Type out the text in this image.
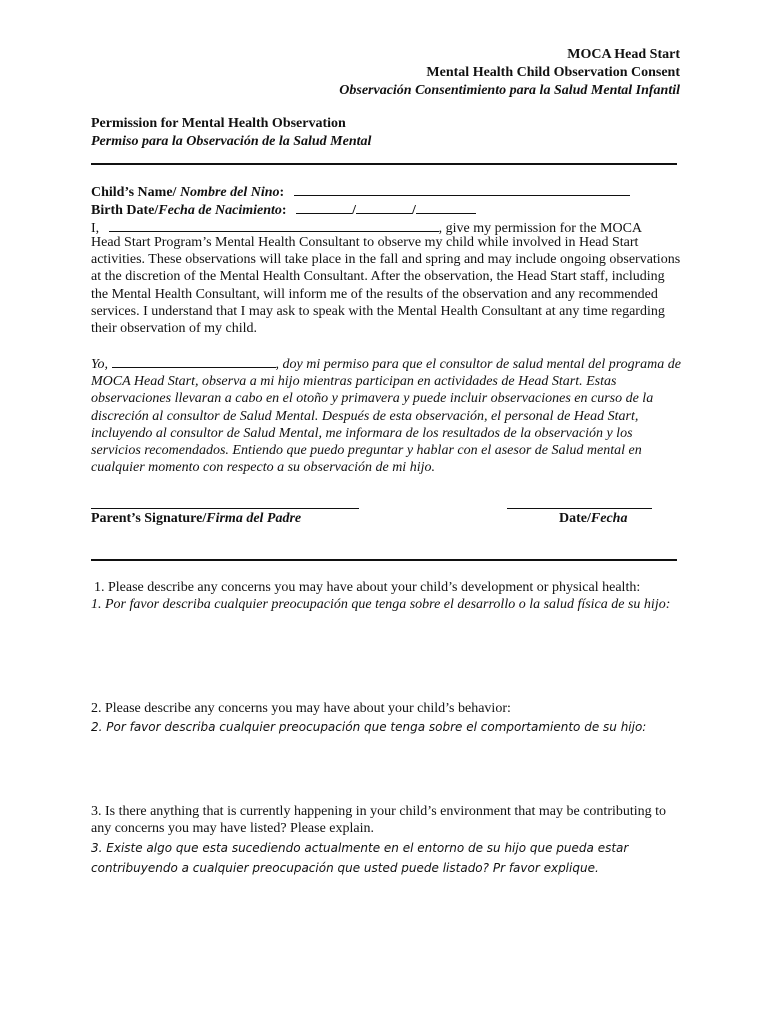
MOCA Head Start
Mental Health Child Observation Consent
Observación Consentimiento para la Salud Mental Infantil
Permission for Mental Health Observation
Permiso para la Observación de la Salud Mental
Child’s Name/ Nombre del Nino:
Birth Date/Fecha de Nacimiento:	/	/
I,	, give my permission for the MOCA
Head Start Program’s Mental Health Consultant to observe my child while involved in Head Start activities. These observations will take place in the fall and spring and may include ongoing observations at the discretion of the Mental Health Consultant. After the observation, the Head Start staff, including the Mental Health Consultant, will inform me of the results of the observation and any recommended services. I understand that I may ask to speak with the Mental Health Consultant at any time regarding their observation of my child.
Yo,	, doy mi permiso para que el consultor de salud mental del programa de MOCA Head Start, observa a mi hijo mientras participan en actividades de Head Start. Estas observaciones llevaran a cabo en el otoño y primavera y puede incluir observaciones en curso de la discreción al consultor de Salud Mental. Después de esta observación, el personal de Head Start, incluyendo al consultor de Salud Mental, me informara de los resultados de la observación y los servicios recomendados. Entiendo que puedo preguntar y hablar con el asesor de Salud mental en cualquier momento con respecto a su observación de mi hijo.
Parent’s Signature/Firma del Padre	Date/Fecha
1. Please describe any concerns you may have about your child’s development or physical health:
1. Por favor describa cualquier preocupación que tenga sobre el desarrollo o la salud física de su hijo:
2. Please describe any concerns you may have about your child’s behavior:
2. Por favor describa cualquier preocupación que tenga sobre el comportamiento de su hijo:
3. Is there anything that is currently happening in your child’s environment that may be contributing to any concerns you may have listed? Please explain.
3. Existe algo que esta sucediendo actualmente en el entorno de su hijo que pueda estar contribuyendo a cualquier preocupación que usted puede listado? Pr favor explique.
